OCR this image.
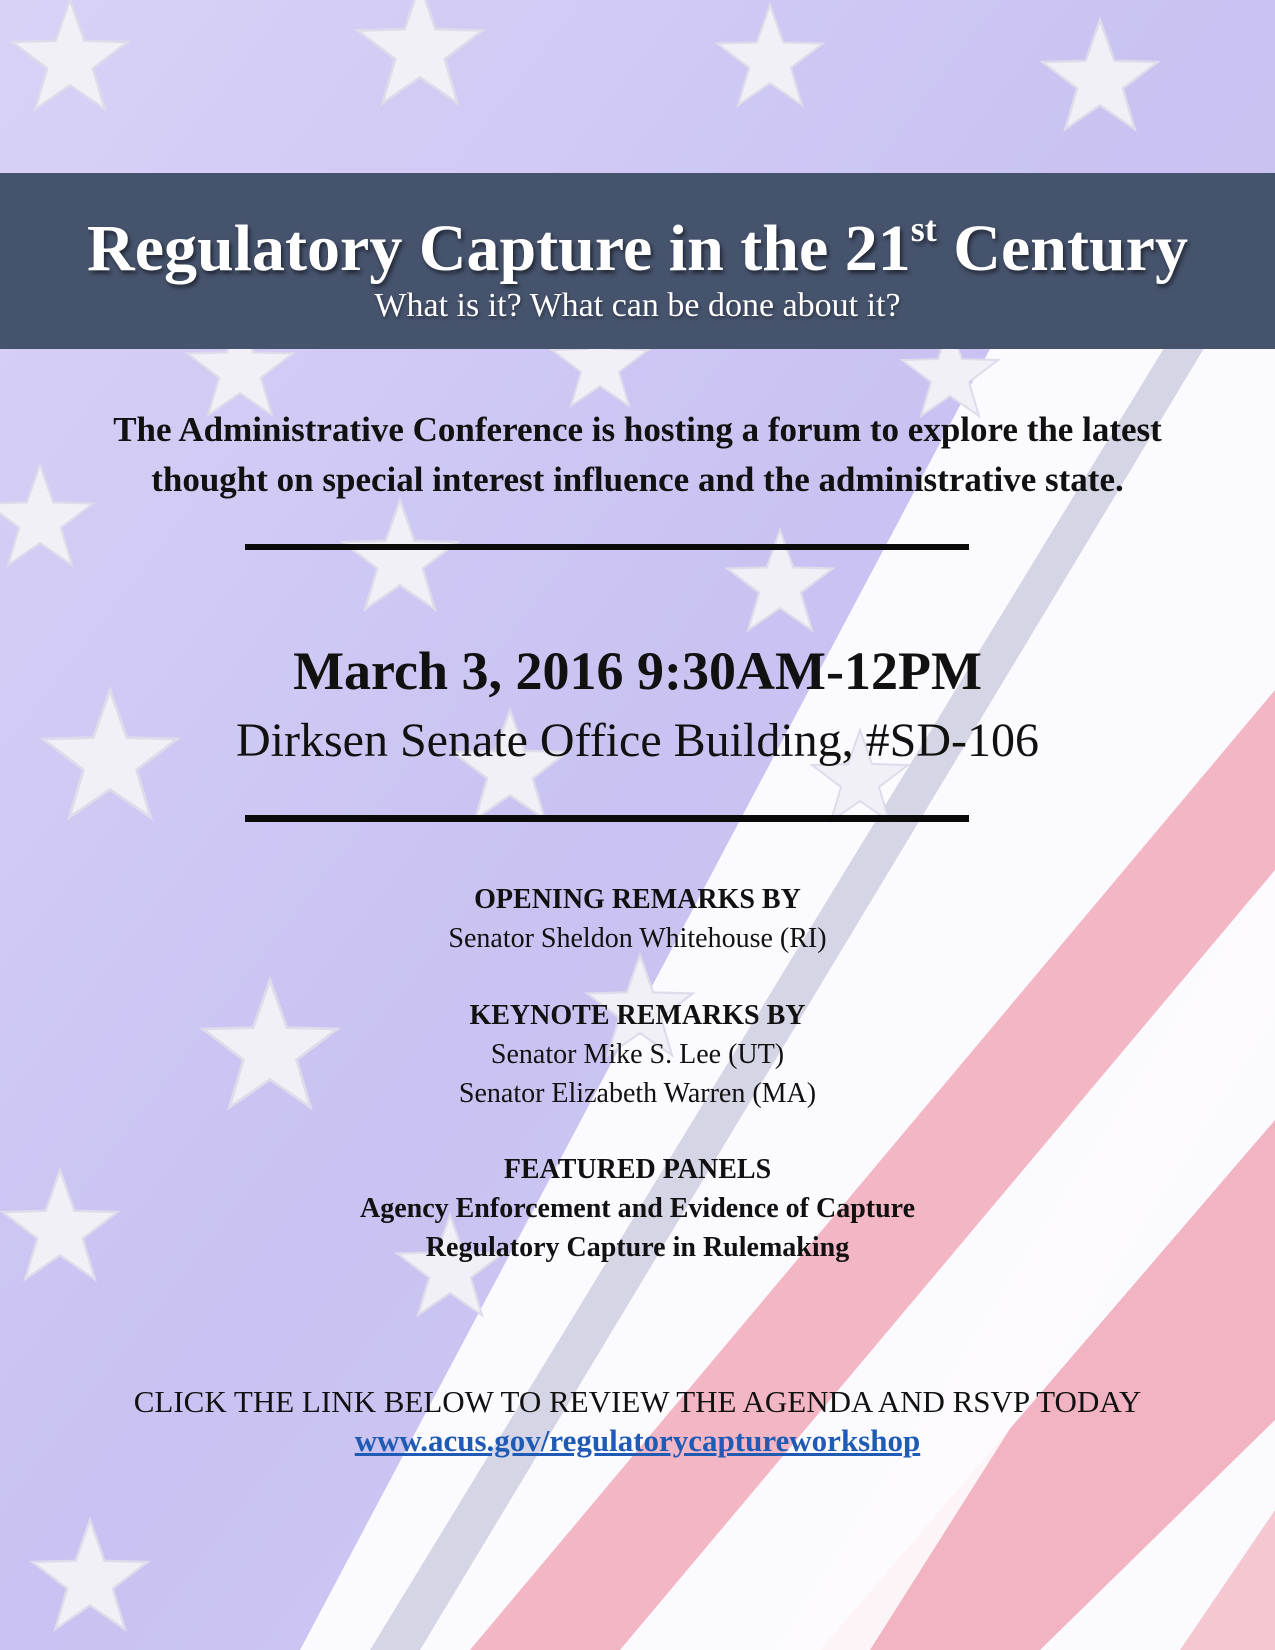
Regulatory Capture in the 21st Century
What is it? What can be done about it?
The Administrative Conference is hosting a forum to explore the latest
thought on special interest influence and the administrative state.
March 3, 2016 9:30AM-12PM
Dirksen Senate Office Building, #SD-106
OPENING REMARKS BY
Senator Sheldon Whitehouse (RI)
KEYNOTE REMARKS BY
Senator Mike S. Lee (UT)
Senator Elizabeth Warren (MA)
FEATURED PANELS
Agency Enforcement and Evidence of Capture
Regulatory Capture in Rulemaking
CLICK THE LINK BELOW TO REVIEW THE AGENDA AND RSVP TODAY
www.acus.gov/regulatorycaptureworkshop
